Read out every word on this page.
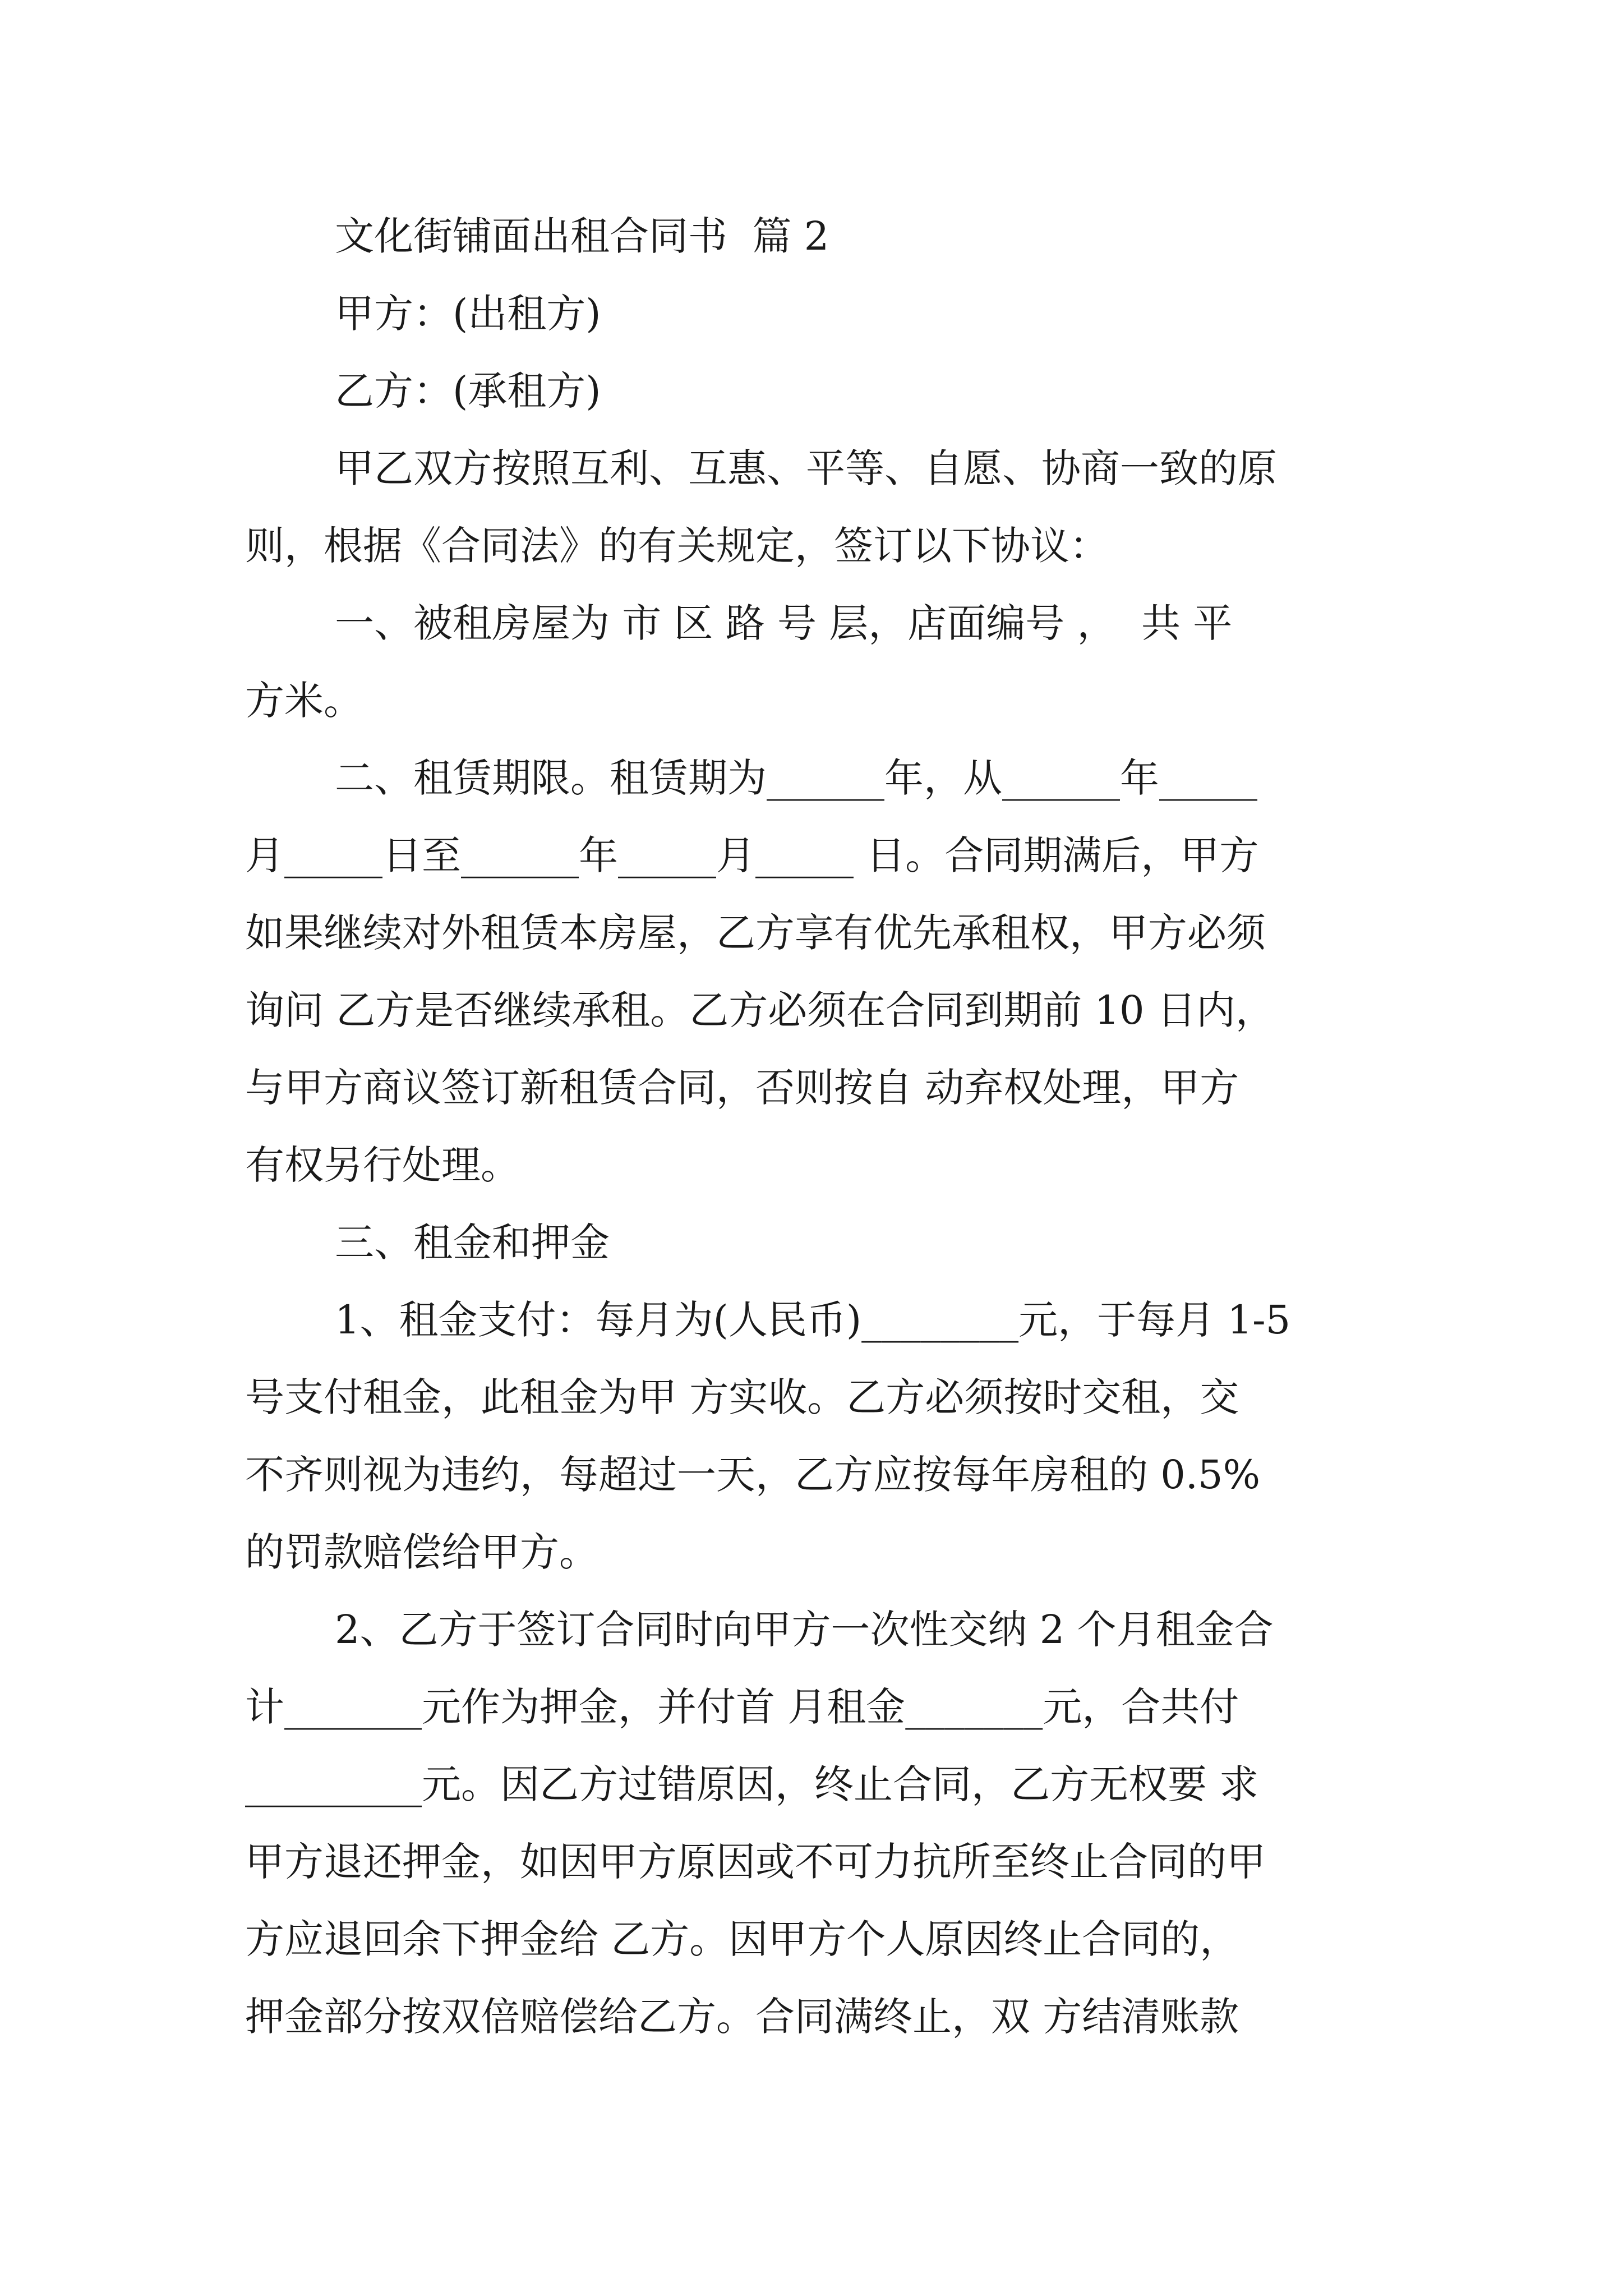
文化街铺面出租合同书  篇 2
甲方：(出租方)
乙方：(承租方)
甲乙双方按照互利、互惠、平等、自愿、协商一致的原
则，根据《合同法》的有关规定，签订以下协议：
一、被租房屋为 市 区 路 号 层，店面编号 ，  共 平
方米。
二、租赁期限。租赁期为______年，从______年_____
月_____日至______年_____月_____ 日。合同期满后，甲方
如果继续对外租赁本房屋，乙方享有优先承租权，甲方必须
询问 乙方是否继续承租。乙方必须在合同到期前 10 日内，
与甲方商议签订新租赁合同，否则按自 动弃权处理，甲方
有权另行处理。
三、租金和押金
1、租金支付：每月为(人民币)________元，于每月 1-5
号支付租金，此租金为甲 方实收。乙方必须按时交租，交
不齐则视为违约，每超过一天，乙方应按每年房租的 0.5%
的罚款赔偿给甲方。
2、乙方于签订合同时向甲方一次性交纳 2 个月租金合
计_______元作为押金，并付首 月租金_______元，合共付
_________元。因乙方过错原因，终止合同，乙方无权要 求
甲方退还押金，如因甲方原因或不可力抗所至终止合同的甲
方应退回余下押金给 乙方。因甲方个人原因终止合同的，
押金部分按双倍赔偿给乙方。合同满终止，双 方结清账款
